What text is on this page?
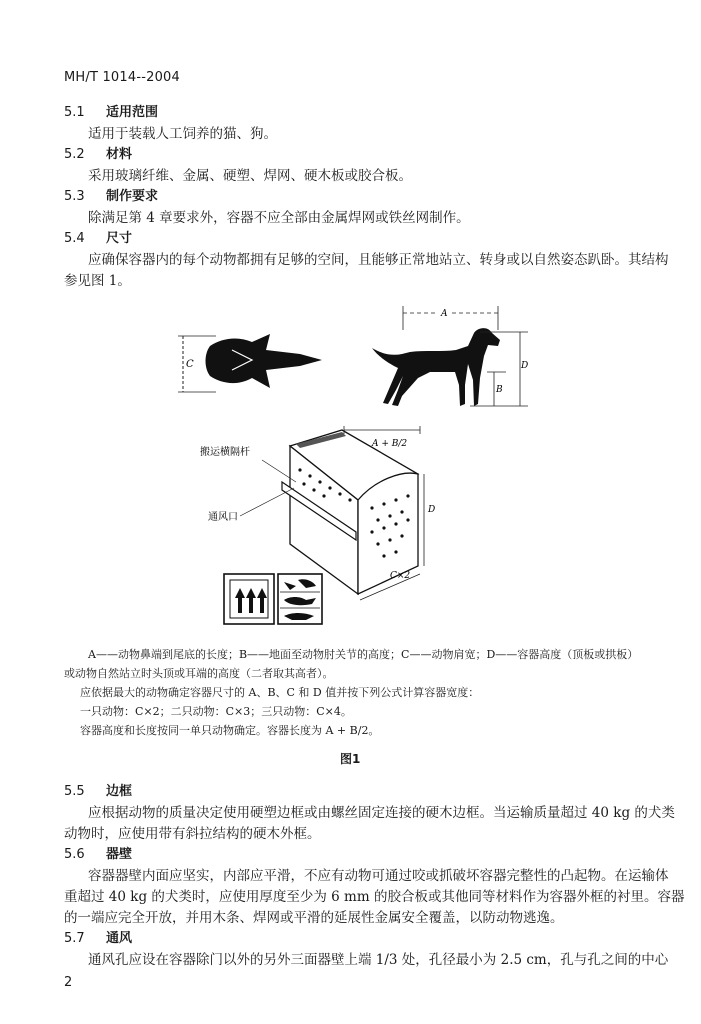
MH/T 1014--2004
5.1 适用范围
适用于装载人工饲养的猫、狗。
5.2 材料
采用玻璃纤维、金属、硬塑、焊网、硬木板或胶合板。
5.3 制作要求
除满足第 4 章要求外，容器不应全部由金属焊网或铁丝网制作。
5.4 尺寸
应确保容器内的每个动物都拥有足够的空间，且能够正常地站立、转身或以自然姿态趴卧。其结构
参见图 1。
C
A
D
B
A + B/2
D
C×2
搬运横隔杆
通风口
A——动物鼻端到尾底的长度；B——地面至动物肘关节的高度；C——动物肩宽；D——容器高度（顶板或拱板）
或动物自然站立时头顶或耳端的高度（二者取其高者）。
应依据最大的动物确定容器尺寸的 A、B、C 和 D 值并按下列公式计算容器宽度：
一只动物：C×2；二只动物：C×3；三只动物：C×4。
容器高度和长度按同一单只动物确定。容器长度为 A + B/2。
图1
5.5 边框
应根据动物的质量决定使用硬塑边框或由螺丝固定连接的硬木边框。当运输质量超过 40 kg 的犬类
动物时，应使用带有斜拉结构的硬木外框。
5.6 器壁
容器器壁内面应坚实，内部应平滑，不应有动物可通过咬或抓破坏容器完整性的凸起物。在运输体
重超过 40 kg 的犬类时，应使用厚度至少为 6 mm 的胶合板或其他同等材料作为容器外框的衬里。容器
的一端应完全开放，并用木条、焊网或平滑的延展性金属安全覆盖，以防动物逃逸。
5.7 通风
通风孔应设在容器除门以外的另外三面器壁上端 1/3 处，孔径最小为 2.5 cm，孔与孔之间的中心
2
